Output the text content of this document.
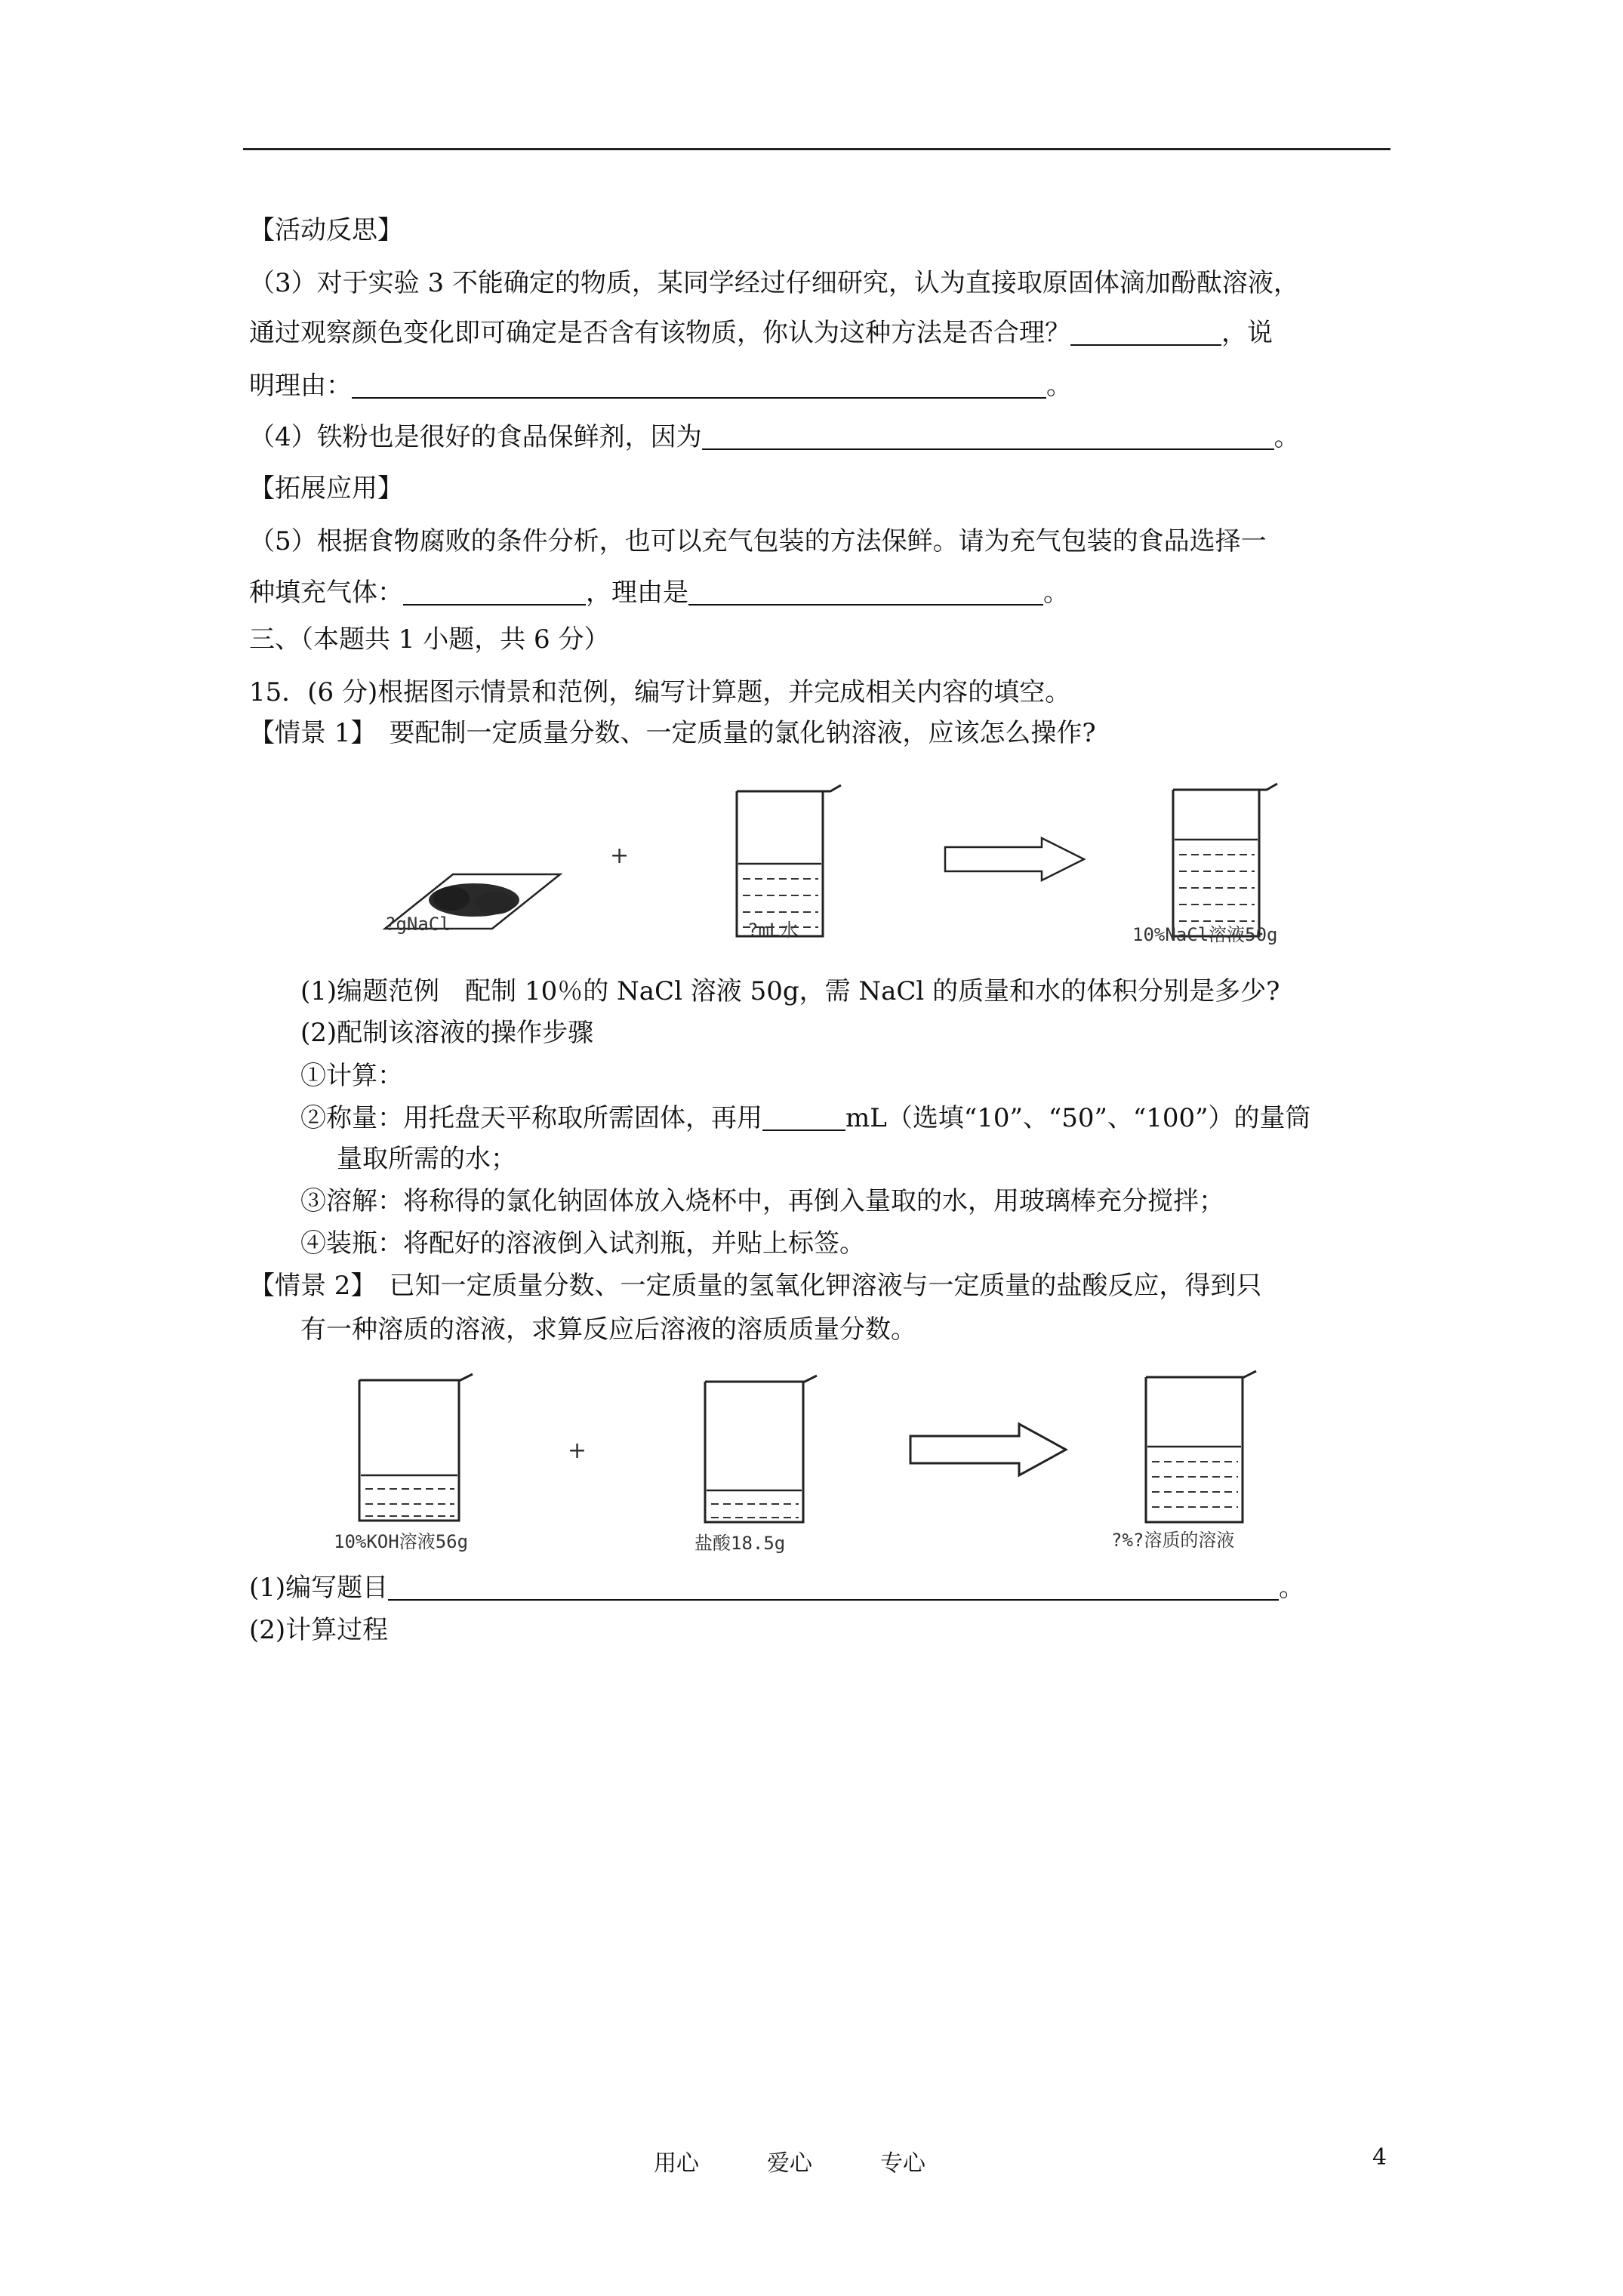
【活动反思】
（3）对于实验 3 不能确定的物质，某同学经过仔细研究，认为直接取原固体滴加酚酞溶液，
通过观察颜色变化即可确定是否含有该物质，你认为这种方法是否合理？	，说
明理由：	。
（4）铁粉也是很好的食品保鲜剂，因为	。
【拓展应用】
（5）根据食物腐败的条件分析，也可以充气包装的方法保鲜。请为充气包装的食品选择一
种填充气体：	，理由是	。
三、（本题共 1 小题，共 6 分）
15．(6 分)根据图示情景和范例，编写计算题，并完成相关内容的填空。
【情景 1】　要配制一定质量分数、一定质量的氯化钠溶液，应该怎么操作?
+
?gNaCl	?mL水	10%NaCl溶液50g
(1)编题范例　配制 10％的 NaCl 溶液 50g，需 NaCl 的质量和水的体积分别是多少?
(2)配制该溶液的操作步骤
①计算：
②称量：用托盘天平称取所需固体，再用	mL（选填“10”、“50”、“100”）的量筒
量取所需的水；
③溶解：将称得的氯化钠固体放入烧杯中，再倒入量取的水，用玻璃棒充分搅拌；
④装瓶：将配好的溶液倒入试剂瓶，并贴上标签。
【情景 2】　已知一定质量分数、一定质量的氢氧化钾溶液与一定质量的盐酸反应，得到只
有一种溶质的溶液，求算反应后溶液的溶质质量分数。
+
10%KOH溶液56g	盐酸18.5g	?%?溶质的溶液
(1)编写题目	。
(2)计算过程
用心　　　爱心　　　专心	4
